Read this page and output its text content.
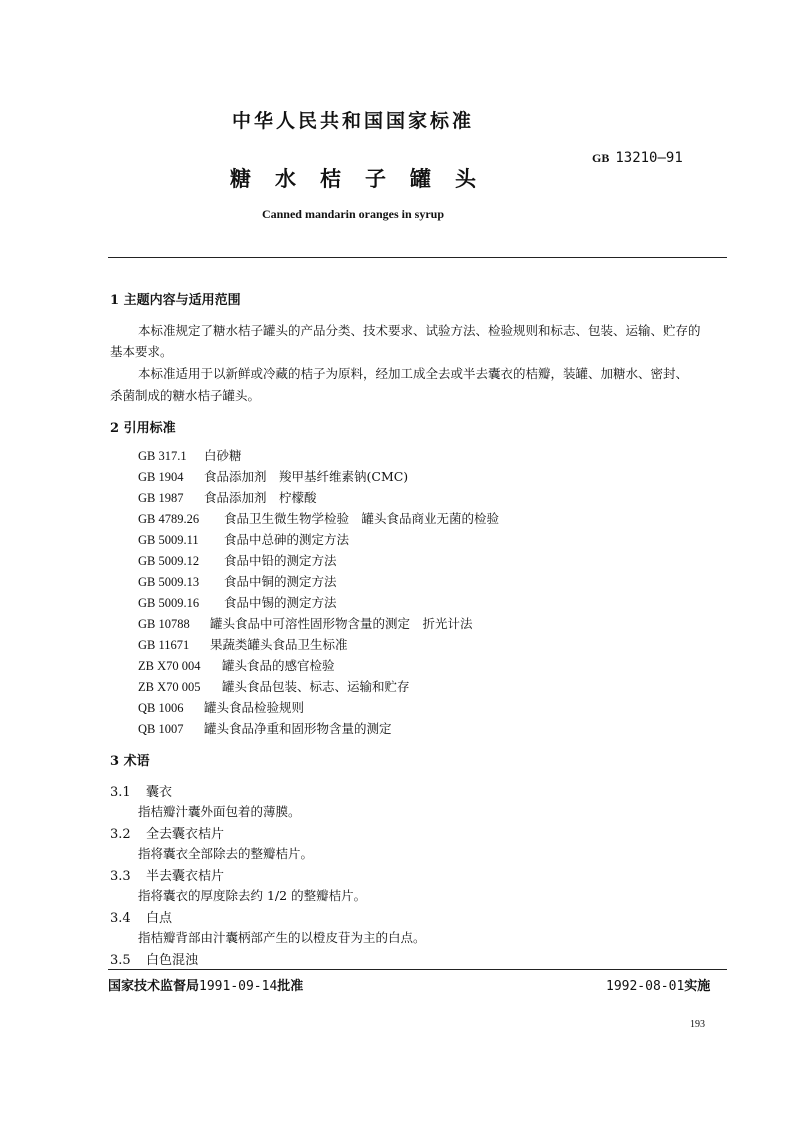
中华人民共和国国家标准
GB 13210—91
糖 水 桔 子 罐 头
Canned mandarin oranges in syrup
1 主题内容与适用范围
本标准规定了糖水桔子罐头的产品分类、技术要求、试验方法、检验规则和标志、包装、运输、贮存的
基本要求。
本标准适用于以新鲜或冷藏的桔子为原料，经加工成全去或半去囊衣的桔瓣，装罐、加糖水、密封、
杀菌制成的糖水桔子罐头。
2 引用标准
GB 317.1 白砂糖
GB 1904 食品添加剂　羧甲基纤维素钠(CMC)
GB 1987 食品添加剂　柠檬酸
GB 4789.26 食品卫生微生物学检验　罐头食品商业无菌的检验
GB 5009.11 食品中总砷的测定方法
GB 5009.12 食品中铅的测定方法
GB 5009.13 食品中铜的测定方法
GB 5009.16 食品中锡的测定方法
GB 10788 罐头食品中可溶性固形物含量的测定　折光计法
GB 11671 果蔬类罐头食品卫生标准
ZB X70 004 罐头食品的感官检验
ZB X70 005 罐头食品包装、标志、运输和贮存
QB 1006 罐头食品检验规则
QB 1007 罐头食品净重和固形物含量的测定
3 术语
3.1 囊衣
指桔瓣汁囊外面包着的薄膜。
3.2 全去囊衣桔片
指将囊衣全部除去的整瓣桔片。
3.3 半去囊衣桔片
指将囊衣的厚度除去约 1/2 的整瓣桔片。
3.4 白点
指桔瓣背部由汁囊柄部产生的以橙皮苷为主的白点。
3.5 白色混浊
国家技术监督局1991-09-14批准	1992-08-01实施
193
